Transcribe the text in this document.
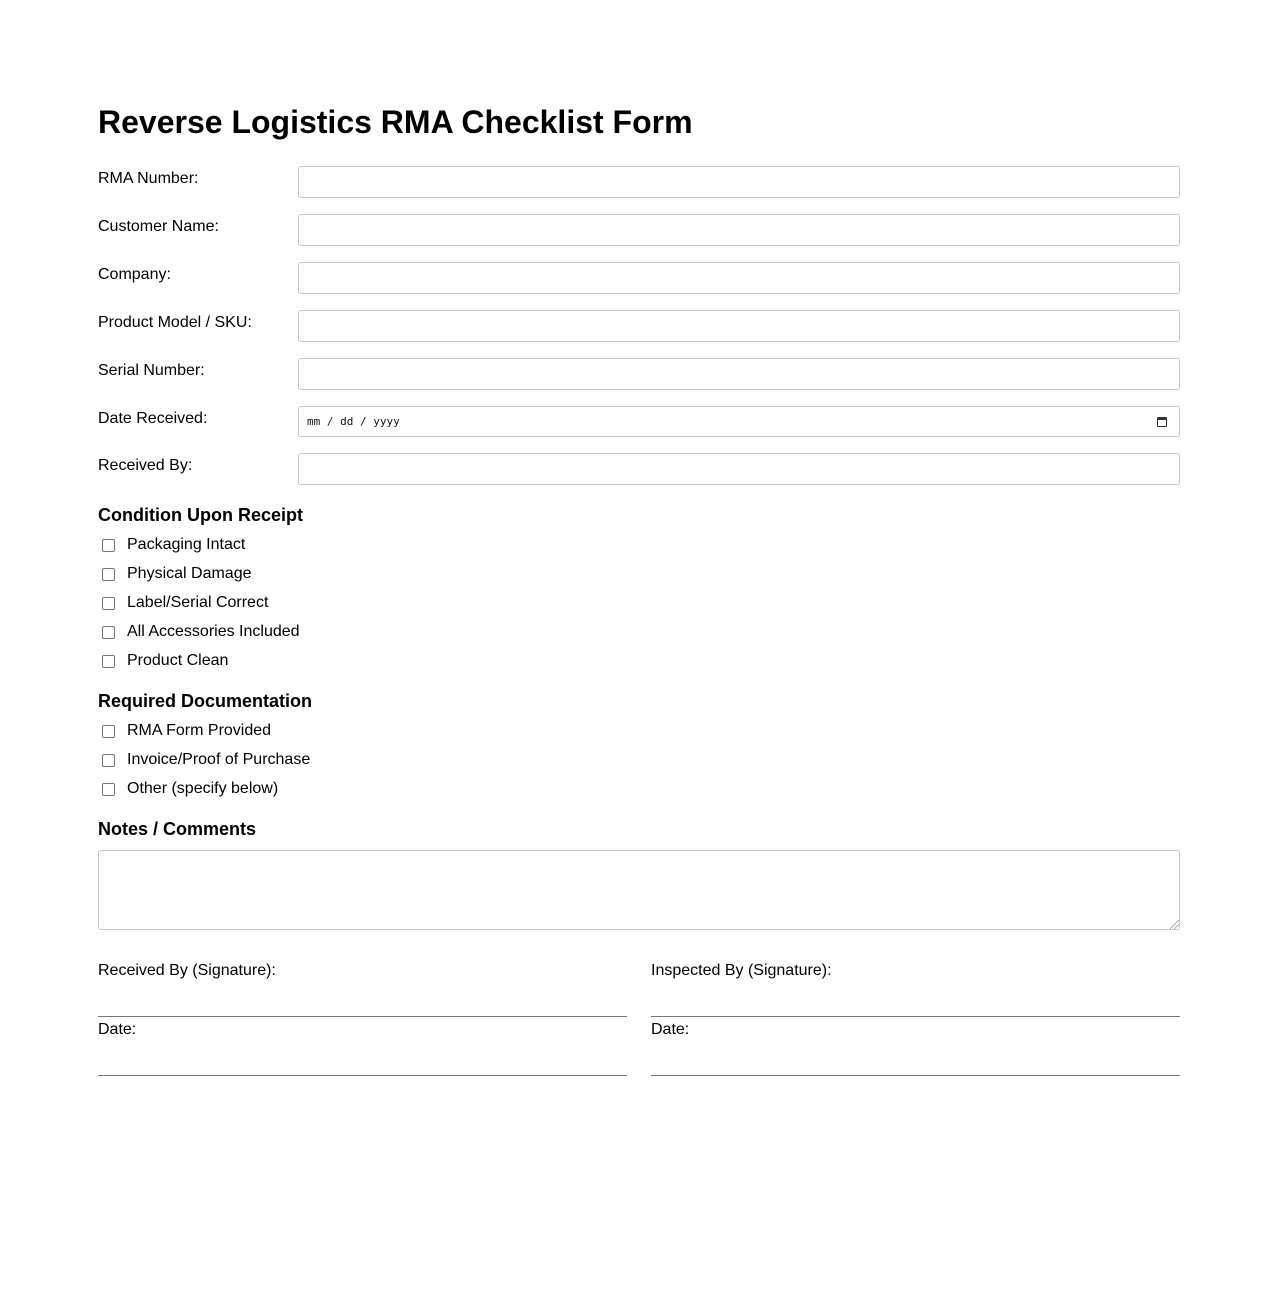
Reverse Logistics RMA Checklist Form
RMA Number:
Customer Name:
Company:
Product Model / SKU:
Serial Number:
Date Received:	mm / dd / yyyy
Received By:
Condition Upon Receipt
Packaging Intact
Physical Damage
Label/Serial Correct
All Accessories Included
Product Clean
Required Documentation
RMA Form Provided
Invoice/Proof of Purchase
Other (specify below)
Notes / Comments
Received By (Signature):
Date:
Inspected By (Signature):
Date:
